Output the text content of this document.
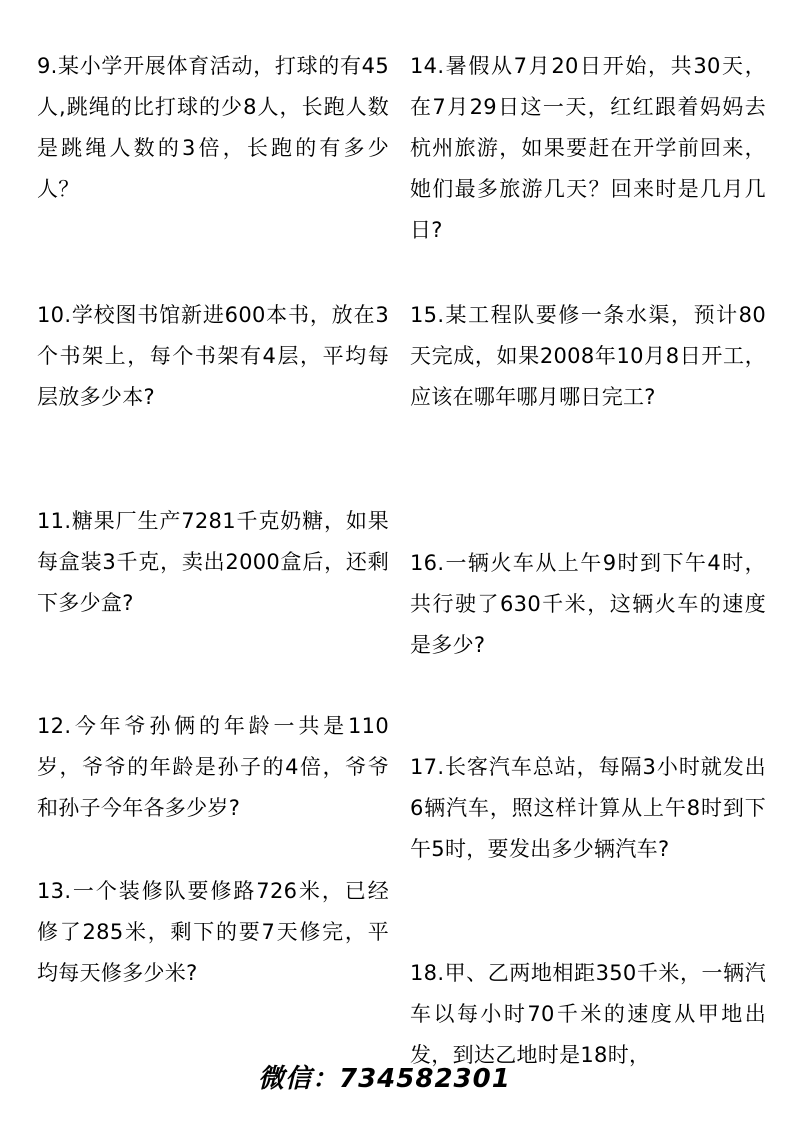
9.某小学开展体育活动，打球的有45人,跳绳的比打球的少8人，长跑人数是跳绳人数的3倍，长跑的有多少人？

10.学校图书馆新进600本书，放在3个书架上，每个书架有4层，平均每层放多少本?

11.糖果厂生产7281千克奶糖，如果每盒装3千克，卖出2000盒后，还剩下多少盒?

12.今年爷孙俩的年龄一共是110岁，爷爷的年龄是孙子的4倍，爷爷和孙子今年各多少岁?

13.一个装修队要修路726米，已经修了285米，剩下的要7天修完，平均每天修多少米?

14.暑假从7月20日开始，共30天，在7月29日这一天，红红跟着妈妈去杭州旅游，如果要赶在开学前回来，她们最多旅游几天？回来时是几月几日?

15.某工程队要修一条水渠，预计80天完成，如果2008年10月8日开工，应该在哪年哪月哪日完工?

16.一辆火车从上午9时到下午4时，共行驶了630千米，这辆火车的速度是多少?

17.长客汽车总站，每隔3小时就发出6辆汽车，照这样计算从上午8时到下午5时，要发出多少辆汽车?

18.甲、乙两地相距350千米，一辆汽车以每小时70千米的速度从甲地出发，到达乙地时是18时，

微信：734582301
